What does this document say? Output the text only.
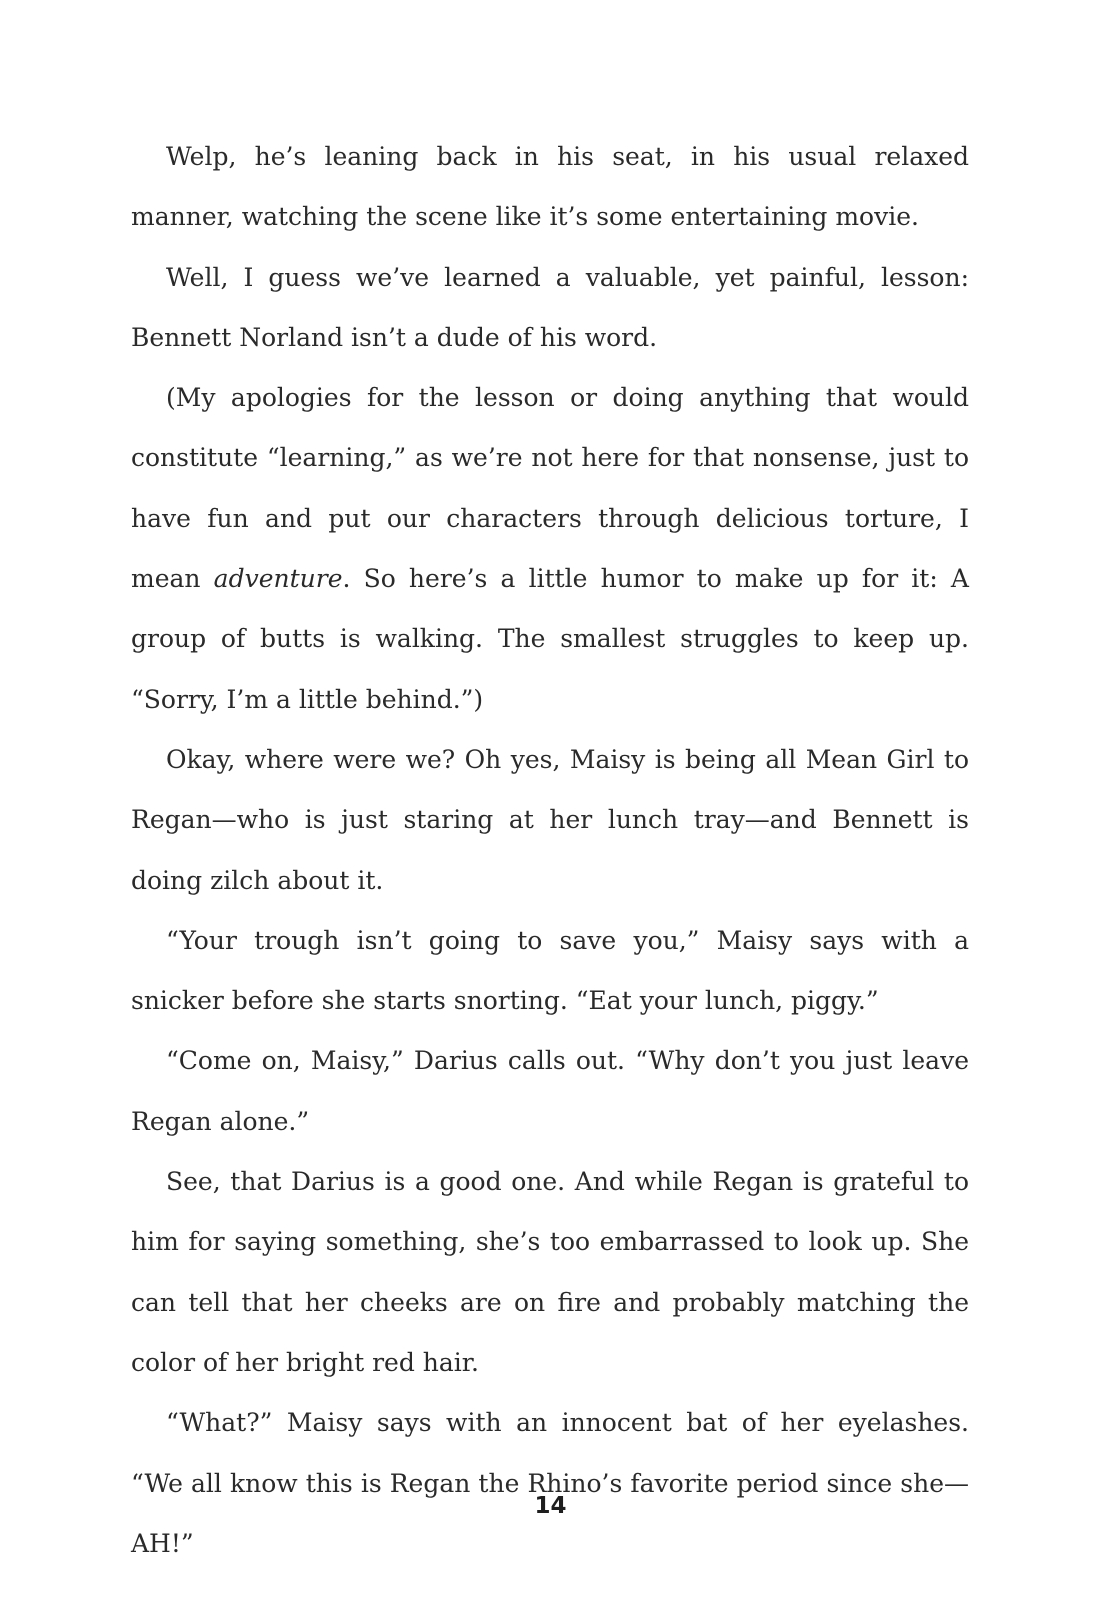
Welp, he’s leaning back in his seat, in his usual relaxed manner, watching the scene like it’s some entertaining movie.

Well, I guess we’ve learned a valuable, yet painful, lesson: Bennett Norland isn’t a dude of his word.

(My apologies for the lesson or doing anything that would constitute “learning,” as we’re not here for that nonsense, just to have fun and put our characters through delicious torture, I mean adventure. So here’s a little humor to make up for it: A group of butts is walking. The smallest struggles to keep up. “Sorry, I’m a little behind.”)

Okay, where were we? Oh yes, Maisy is being all Mean Girl to Regan—who is just staring at her lunch tray—and Bennett is doing zilch about it.

“Your trough isn’t going to save you,” Maisy says with a snicker before she starts snorting. “Eat your lunch, piggy.”

“Come on, Maisy,” Darius calls out. “Why don’t you just leave Regan alone.”

See, that Darius is a good one. And while Regan is grateful to him for saying something, she’s too embarrassed to look up. She can tell that her cheeks are on fire and probably matching the color of her bright red hair.

“What?” Maisy says with an innocent bat of her eyelashes. “We all know this is Regan the Rhino’s favorite period since she—AH!”

14
